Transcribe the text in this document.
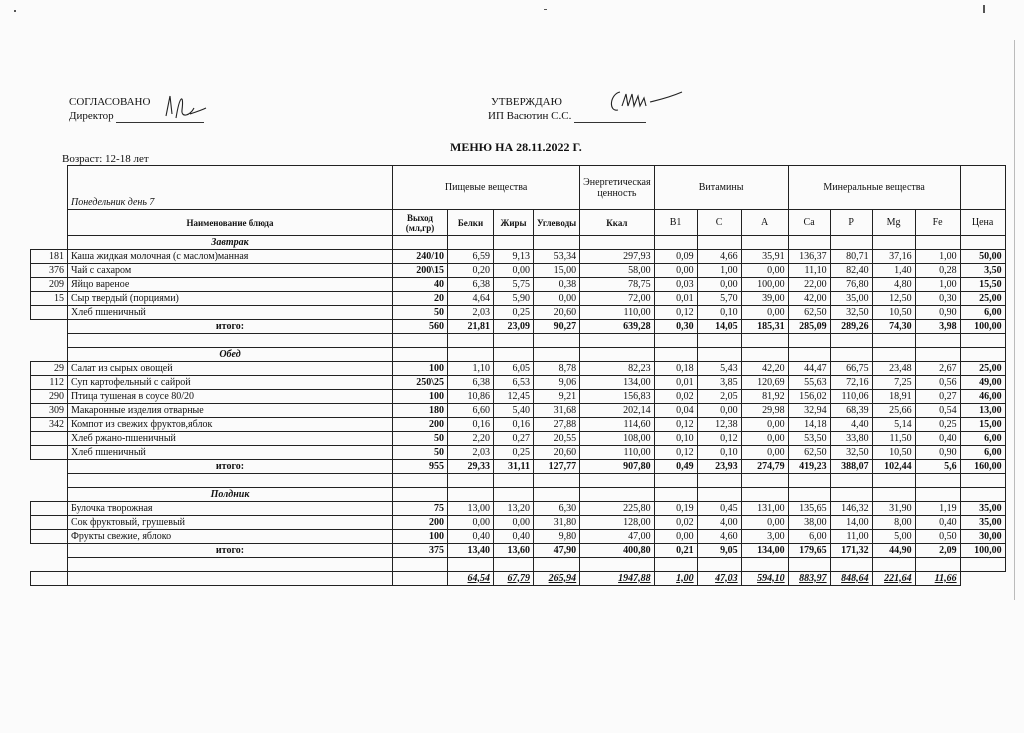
СОГЛАСОВАНО
Директор
УТВЕРЖДАЮ
ИП Васютин С.С.
МЕНЮ НА 28.11.2022 Г.
Возраст: 12-18 лет
	Понедельник день 7	Пищевые вещества				Энергетическая ценность	Витамины			Минеральные вещества				
	Наименование блюда	Выход (мл,гр)	Белки	Жиры	Углеводы	Ккал	B1	C	A	Ca	P	Mg	Fe	Цена
	Завтрак													
181	Каша жидкая молочная (с маслом)манная	240/10	6,59	9,13	53,34	297,93	0,09	4,66	35,91	136,37	80,71	37,16	1,00	50,00
376	Чай с сахаром	200\15	0,20	0,00	15,00	58,00	0,00	1,00	0,00	11,10	82,40	1,40	0,28	3,50
209	Яйцо вареное	40	6,38	5,75	0,38	78,75	0,03	0,00	100,00	22,00	76,80	4,80	1,00	15,50
15	Сыр твердый (порциями)	20	4,64	5,90	0,00	72,00	0,01	5,70	39,00	42,00	35,00	12,50	0,30	25,00
	Хлеб пшеничный	50	2,03	0,25	20,60	110,00	0,12	0,10	0,00	62,50	32,50	10,50	0,90	6,00
	итого:	560	21,81	23,09	90,27	639,28	0,30	14,05	185,31	285,09	289,26	74,30	3,98	100,00

	Обед													
29	Салат из сырых овощей	100	1,10	6,05	8,78	82,23	0,18	5,43	42,20	44,47	66,75	23,48	2,67	25,00
112	Суп картофельный с сайрой	250\25	6,38	6,53	9,06	134,00	0,01	3,85	120,69	55,63	72,16	7,25	0,56	49,00
290	Птица тушеная в соусе 80/20	100	10,86	12,45	9,21	156,83	0,02	2,05	81,92	156,02	110,06	18,91	0,27	46,00
309	Макаронные изделия отварные	180	6,60	5,40	31,68	202,14	0,04	0,00	29,98	32,94	68,39	25,66	0,54	13,00
342	Компот из свежих фруктов,яблок	200	0,16	0,16	27,88	114,60	0,12	12,38	0,00	14,18	4,40	5,14	0,25	15,00
	Хлеб ржано-пшеничный	50	2,20	0,27	20,55	108,00	0,10	0,12	0,00	53,50	33,80	11,50	0,40	6,00
	Хлеб пшеничный	50	2,03	0,25	20,60	110,00	0,12	0,10	0,00	62,50	32,50	10,50	0,90	6,00
	итого:	955	29,33	31,11	127,77	907,80	0,49	23,93	274,79	419,23	388,07	102,44	5,6	160,00

	Полдник													
	Булочка творожная	75	13,00	13,20	6,30	225,80	0,19	0,45	131,00	135,65	146,32	31,90	1,19	35,00
	Сок фруктовый, грушевый	200	0,00	0,00	31,80	128,00	0,02	4,00	0,00	38,00	14,00	8,00	0,40	35,00
	Фрукты свежие, яблоко	100	0,40	0,40	9,80	47,00	0,00	4,60	3,00	6,00	11,00	5,00	0,50	30,00
	итого:	375	13,40	13,60	47,90	400,80	0,21	9,05	134,00	179,65	171,32	44,90	2,09	100,00

			64,54	67,79	265,94	1947,88	1,00	47,03	594,10	883,97	848,64	221,64	11,66	
